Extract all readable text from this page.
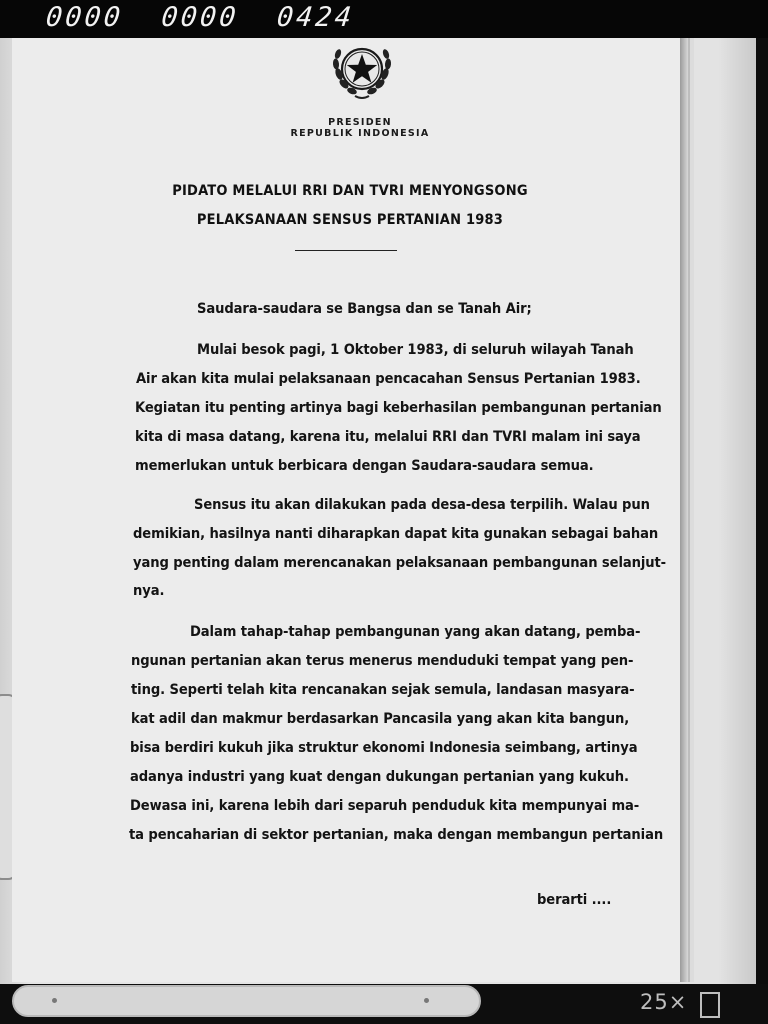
0000  0000  0424
PRESIDEN
REPUBLIK INDONESIA
PIDATO MELALUI RRI DAN TVRI MENYONGSONG
PELAKSANAAN SENSUS PERTANIAN 1983
Saudara-saudara se Bangsa dan se Tanah Air;
Mulai besok pagi, 1 Oktober 1983, di seluruh wilayah Tanah
Air akan kita mulai pelaksanaan pencacahan Sensus Pertanian 1983.
Kegiatan itu penting artinya bagi keberhasilan pembangunan pertanian
kita di masa datang, karena itu, melalui RRI dan TVRI malam ini saya
memerlukan untuk berbicara dengan Saudara-saudara semua.
Sensus itu akan dilakukan pada desa-desa terpilih. Walau pun
demikian, hasilnya nanti diharapkan dapat kita gunakan sebagai bahan
yang penting dalam merencanakan pelaksanaan pembangunan selanjut-
nya.
Dalam tahap-tahap pembangunan yang akan datang, pemba-
ngunan pertanian akan terus menerus menduduki tempat yang pen-
ting. Seperti telah kita rencanakan sejak semula, landasan masyara-
kat adil dan makmur berdasarkan Pancasila yang akan kita bangun,
bisa berdiri kukuh jika struktur ekonomi Indonesia seimbang, artinya
adanya industri yang kuat dengan dukungan pertanian yang kukuh.
Dewasa ini, karena lebih dari separuh penduduk kita mempunyai ma-
ta pencaharian di sektor pertanian, maka dengan membangun pertanian
berarti ....
25×
